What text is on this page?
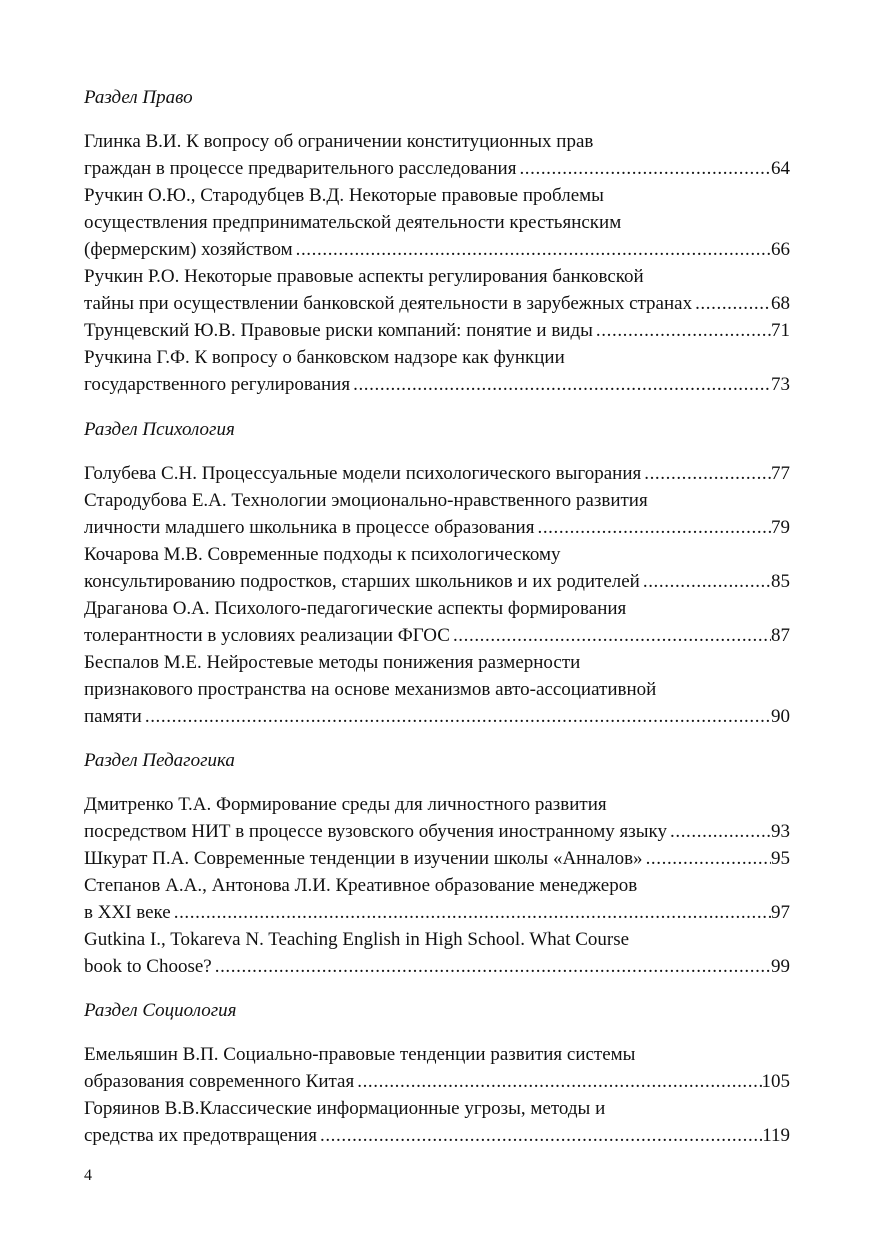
Раздел Право
Глинка В.И. К вопросу об ограничении конституционных прав
граждан в процессе предварительного расследования .....	64
Ручкин О.Ю., Стародубцев В.Д. Некоторые правовые проблемы
осуществления предпринимательской деятельности крестьянским
(фермерским) хозяйством .....	66
Ручкин Р.О. Некоторые правовые аспекты регулирования банковской
тайны при осуществлении банковской деятельности в зарубежных странах .....	68
Трунцевский Ю.В. Правовые риски компаний: понятие и виды .....	71
Ручкина Г.Ф. К вопросу о банковском надзоре как функции
государственного регулирования .....	73
Раздел Психология
Голубева С.Н. Процессуальные модели психологического выгорания .....	77
Стародубова Е.А. Технологии эмоционально-нравственного развития
личности младшего школьника в процессе образования .....	79
Кочарова М.В. Современные подходы к психологическому
консультированию подростков, старших школьников и их родителей .....	85
Драганова О.А. Психолого-педагогические аспекты формирования
толерантности в условиях реализации ФГОС .....	87
Беспалов М.Е. Нейростевые методы понижения размерности
признакового пространства на основе механизмов авто-ассоциативной
памяти .....	90
Раздел Педагогика
Дмитренко Т.А. Формирование среды для личностного развития
посредством НИТ в процессе вузовского обучения иностранному языку .....	93
Шкурат П.А. Современные тенденции в изучении школы «Анналов» .....	95
Степанов А.А., Антонова Л.И. Креативное образование менеджеров
в XXI веке .....	97
Gutkina I., Tokareva N. Teaching English in High School. What Course
book to Choose? .....	99
Раздел Социология
Емельяшин В.П. Социально-правовые тенденции развития системы
образования современного Китая .....	105
Горяинов В.В.Классические информационные угрозы, методы и
средства их предотвращения .....	119
4
